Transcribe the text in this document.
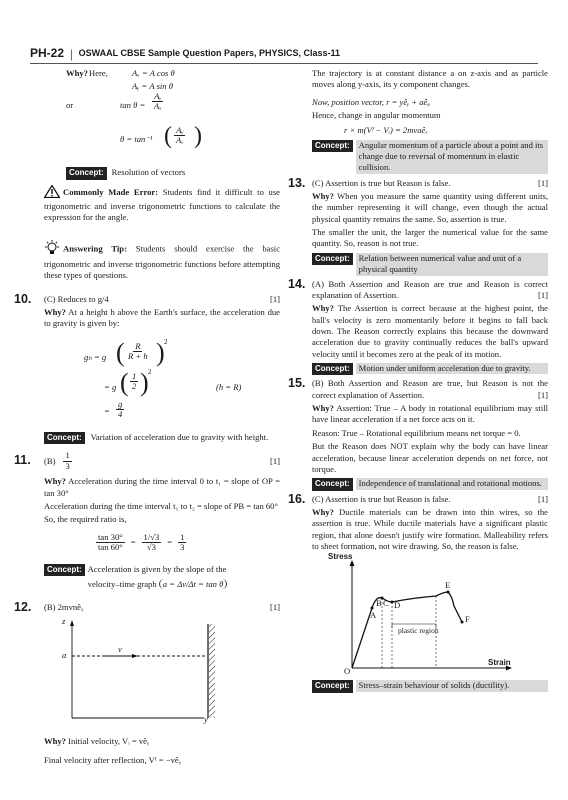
PH-22 | OSWAAL CBSE Sample Question Papers, PHYSICS, Class-11
Why? Here,	Aₓ = A cos θ
Aᵧ = A sin θ
or	$\tan \theta = \frac{\text{Aᵧ}}{\text{Aₓ}}$
θ = tan⁻¹ ( $\frac{\text{Aᵧ}}{\text{Aₓ}}$ )
Concept: Resolution of vectors
Commonly Made Error: Students find it difficult to use trigonometric and inverse trigonometric functions to calculate the expression for the angle.
Answering Tip: Students should exercise the basic trigonometric and inverse trigonometric functions before attempting these types of questions.
10. (C) Reduces to g/4	[1]

Why? At a height h above the Earth's surface, the acceleration due to gravity is given by:

gₕ = g ( $\frac{R}{R + h}$ ) 2
= g ( $\frac{1}{2}$ ) 2
(h = R)
= $\frac{g}{4}$
Concept:	Variation of acceleration due to gravity with height.
11. $(B) \frac{1}{3}$	[1]

Why? Acceleration during the time interval 0 to t₁ = slope of OP = tan 30°

Acceleration during the time interval t₁ to t₂ = slope of PB = tan 60°

So, the required ratio is,

$\frac{\tan 30^\circ}{\tan 60^\circ} = \frac{1/√3}{√3} = \frac{1}{3}$
Concept: Acceleration is given by the slope of the
velocity–time graph a = Δv/Δt = tan θ
12. (B) 2mvnêᵧ	[1]

z
a
v
y

Why? Initial velocity, Vᵢ = vêᵧ

Final velocity after reflection, Vᶠ = −vêᵧ

The trajectory is at constant distance a on z-axis and as particle moves along y-axis, its y component changes.

Now, position vector, r = yêᵧ + aêᵩ

Hence, change in angular momentum

r × m(Vᶠ − Vᵢ) = 2mvaêₓ

Concept:	Angular momentum of a particle about a point and its change due to reversal of momentum in elastic collision.
13. (C) Assertion is true but Reason is false.	[1]

Why? When you measure the same quantity using different units, the number representing it will change, even though the actual physical quantity remains the same. So, assertion is true.

The smaller the unit, the larger the numerical value for the same quantity. So, reason is not true.

Concept:	Relation between numerical value and unit of a physical quantity
14. (A) Both Assertion and Reason are true and Reason is correct explanation of Assertion.	[1]

Why? The Assertion is correct because at the highest point, the ball's velocity is zero momentarily before it begins to fall back down. The Reason correctly explains this because the downward acceleration due to gravity continually reduces the ball's upward velocity until it becomes zero at the peak of its motion.

Concept:	Motion under uniform acceleration due to gravity.
15. (B) Both Assertion and Reason are true, but Reason is not the correct explanation of Assertion.	[1]

Why? Assertion: True – A body in rotational equilibrium may still have linear acceleration if a net force acts on it.

Reason: True – Rotational equilibrium means net torque = 0.

But the Reason does NOT explain why the body can have linear acceleration, because linear acceleration depends on net force, not torque.

Concept:	Independence of translational and rotational motions.
16. (C) Assertion is true but Reason is false.	[1]

Why? Ductile materials can be drawn into thin wires, so the assertion is true. While ductile materials have a significant plastic region, that alone doesn't justify wire formation. Malleability refers to sheet formation, not wire drawing. So, the reason is false.

Stress
Strain
O
A
B C D
E
F
plastic region
Concept:	Stress–strain behaviour of solids (ductility).
